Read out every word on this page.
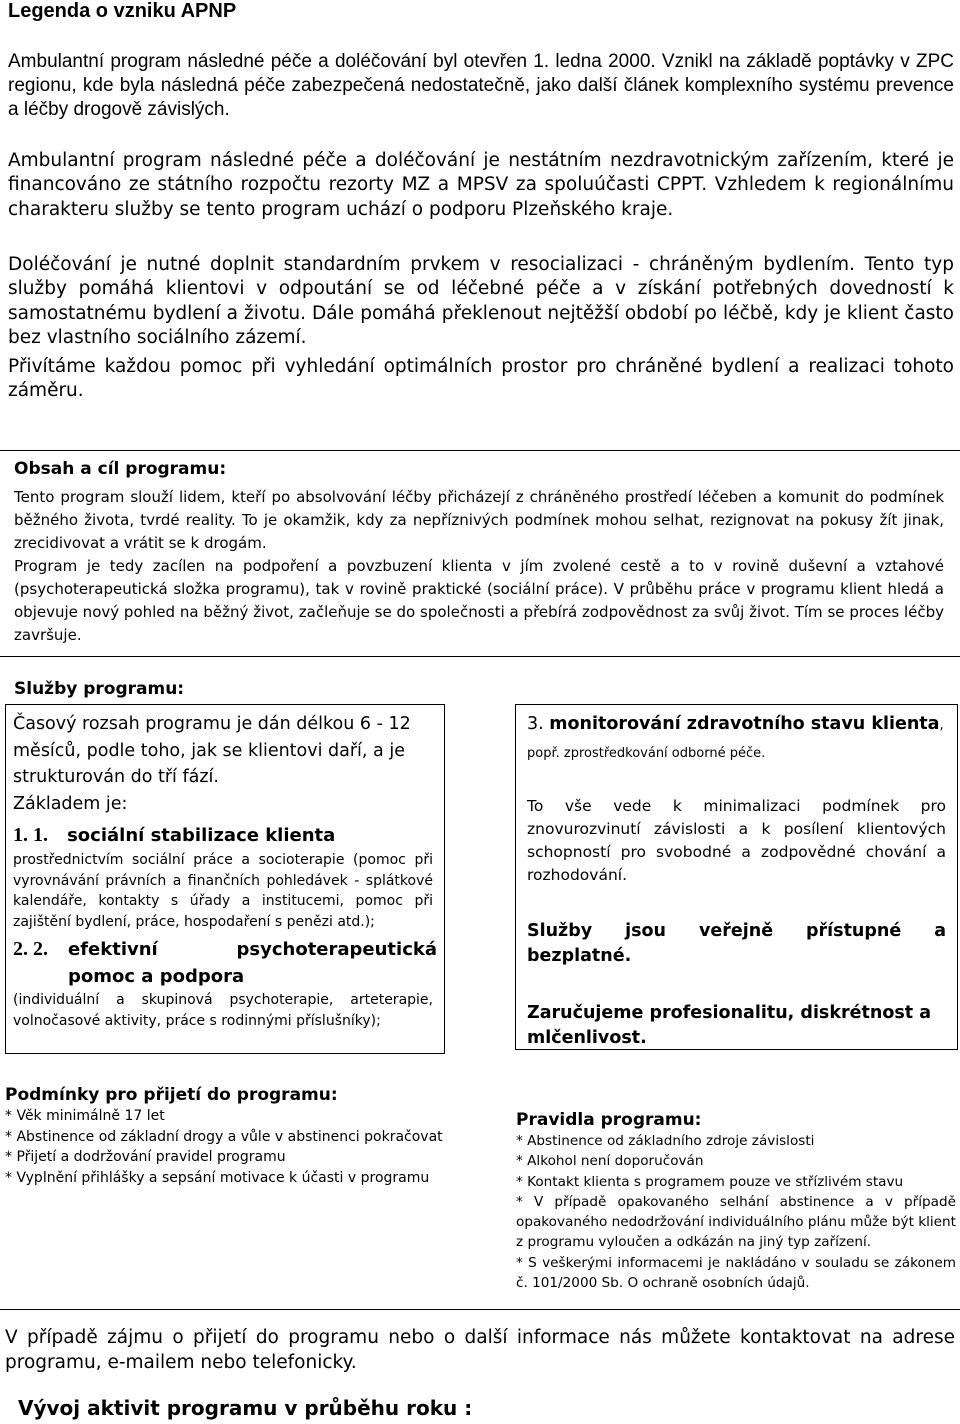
Legenda o vzniku APNP
Ambulantní program následné péče a doléčování byl otevřen 1. ledna 2000. Vznikl na základě poptávky v ZPC regionu, kde byla následná péče zabezpečená nedostatečně, jako další článek komplexního systému prevence a léčby drogově závislých.
Ambulantní program následné péče a doléčování je nestátním nezdravotnickým zařízením, které je financováno ze státního rozpočtu rezorty MZ a MPSV za spoluúčasti CPPT. Vzhledem k regionálnímu charakteru služby se tento program uchází o podporu Plzeňského kraje.
Doléčování je nutné doplnit standardním prvkem v resocializaci - chráněným bydlením. Tento typ služby pomáhá klientovi v odpoutání se od léčebné péče a v získání potřebných dovedností k samostatnému bydlení a životu. Dále pomáhá překlenout nejtěžší období po léčbě, kdy je klient často bez vlastního sociálního zázemí.
Přivítáme každou pomoc při vyhledání optimálních prostor pro chráněné bydlení a realizaci tohoto záměru.
Obsah a cíl programu:
Tento program slouží lidem, kteří po absolvování léčby přicházejí z chráněného prostředí léčeben a komunit do podmínek běžného života, tvrdé reality. To je okamžik, kdy za nepříznivých podmínek mohou selhat, rezignovat na pokusy žít jinak, zrecidivovat a vrátit se k drogám.
Program je tedy zacílen na podpoření a povzbuzení klienta v jím zvolené cestě a to v rovině duševní a vztahové (psychoterapeutická složka programu), tak v rovině praktické (sociální práce). V průběhu práce v programu klient hledá a objevuje nový pohled na běžný život, začleňuje se do společnosti a přebírá zodpovědnost za svůj život. Tím se proces léčby završuje.
Služby programu:
Časový rozsah programu je dán délkou 6 - 12 měsíců, podle toho, jak se klientovi daří, a je strukturován do tří fází.
Základem je:
1. 1. sociální stabilizace klienta
prostřednictvím sociální práce a socioterapie (pomoc při vyrovnávání právních a finančních pohledávek - splátkové kalendáře, kontakty s úřady a institucemi, pomoc při zajištění bydlení, práce, hospodaření s penězi atd.);
2. 2. efektivní psychoterapeutická pomoc a podpora
(individuální a skupinová psychoterapie, arteterapie, volnočasové aktivity, práce s rodinnými příslušníky);
3. monitorování zdravotního stavu klienta, popř. zprostředkování odborné péče.
To vše vede k minimalizaci podmínek pro znovurozvinutí závislosti a k posílení klientových schopností pro svobodné a zodpovědné chování a rozhodování.
Služby jsou veřejně přístupné a bezplatné.
Zaručujeme profesionalitu, diskrétnost a mlčenlivost.
Podmínky pro přijetí do programu:
* Věk minimálně 17 let
* Abstinence od základní drogy a vůle v abstinenci pokračovat
* Přijetí a dodržování pravidel programu
* Vyplnění přihlášky a sepsání motivace k účasti v programu
Pravidla programu:
* Abstinence od základního zdroje závislosti
* Alkohol není doporučován
* Kontakt klienta s programem pouze ve střízlivém stavu
* V případě opakovaného selhání abstinence a v případě opakovaného nedodržování individuálního plánu může být klient z programu vyloučen a odkázán na jiný typ zařízení.
* S veškerými informacemi je nakládáno v souladu se zákonem č. 101/2000 Sb. O ochraně osobních údajů.
V případě zájmu o přijetí do programu nebo o další informace nás můžete kontaktovat na adrese programu, e-mailem nebo telefonicky.
Vývoj aktivit programu v průběhu roku :
